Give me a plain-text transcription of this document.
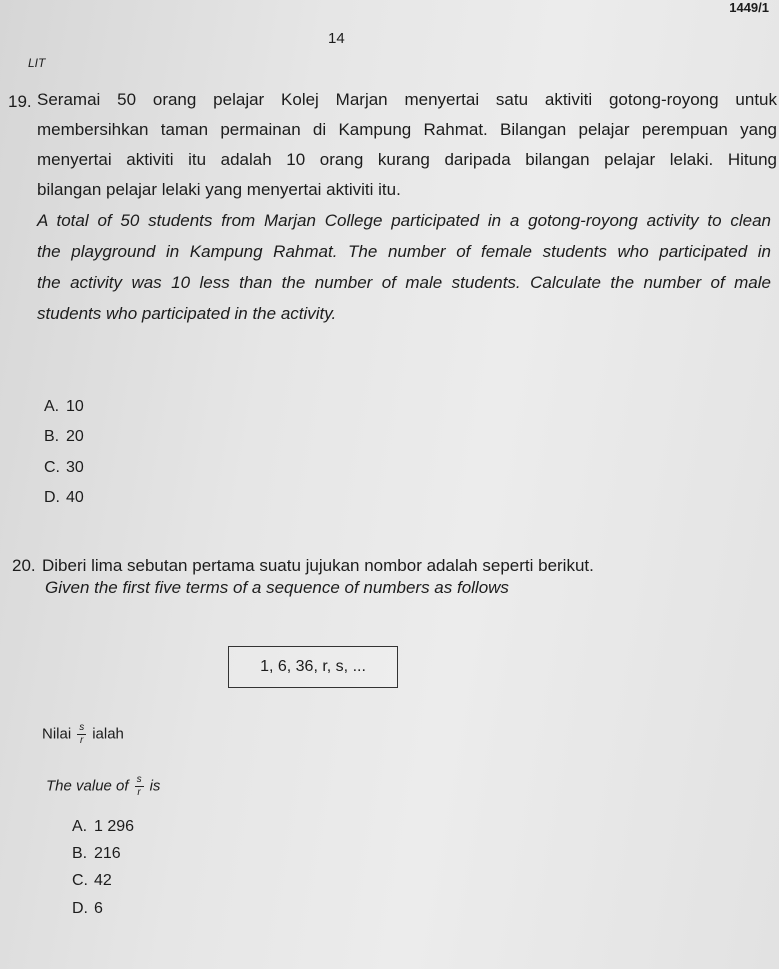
1449/1
14
LIT
19. Seramai 50 orang pelajar Kolej Marjan menyertai satu aktiviti gotong-royong untuk
membersihkan taman permainan di Kampung Rahmat. Bilangan pelajar perempuan yang
menyertai aktiviti itu adalah 10 orang kurang daripada bilangan pelajar lelaki. Hitung
bilangan pelajar lelaki yang menyertai aktiviti itu.
A total of 50 students from Marjan College participated in a gotong-royong activity to clean
the playground in Kampung Rahmat. The number of female students who participated in
the activity was 10 less than the number of male students. Calculate the number of male
students who participated in the activity.
A. 10
B. 20
C. 30
D. 40
20. Diberi lima sebutan pertama suatu jujukan nombor adalah seperti berikut.
Given the first five terms of a sequence of numbers as follows
1, 6, 36, r, s, ...
Nilai $\frac{s}{r}$ ialah
The value of $\frac{s}{r}$ is
A. 1 296
B. 216
C. 42
D. 6
